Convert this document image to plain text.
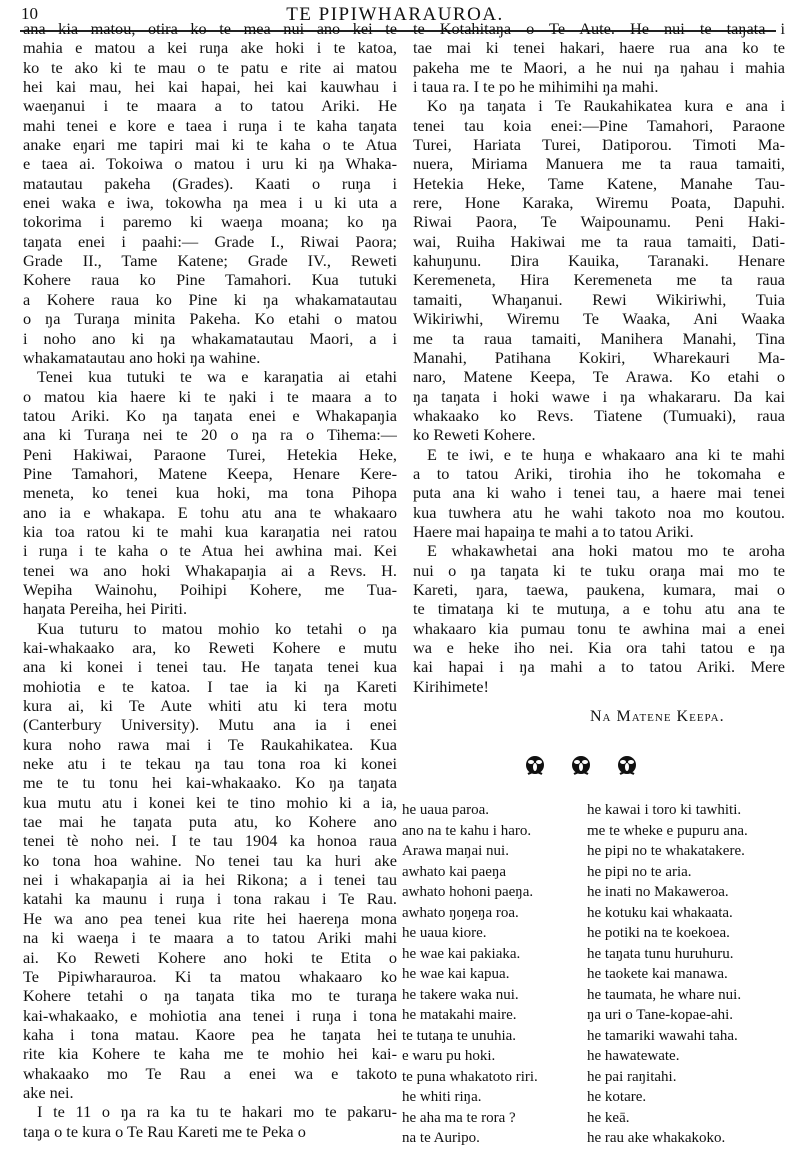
10	TE PIPIWHARAUROA.
ana kia matou, otira ko te mea nui ano kei te
mahia e matou a kei ruŋa ake hoki i te katoa,
ko te ako ki te mau o te patu e rite ai matou
hei kai mau, hei kai hapai, hei kai kauwhau i
waeŋanui i te maara a to tatou Ariki. He
mahi tenei e kore e taea i ruŋa i te kaha taŋata
anake eŋari me tapiri mai ki te kaha o te Atua
e taea ai. Tokoiwa o matou i uru ki ŋa Whaka-
matautau pakeha (Grades). Kaati o ruŋa i
enei waka e iwa, tokowha ŋa mea i u ki uta a
tokorima i paremo ki waeŋa moana; ko ŋa
taŋata enei i paahi:— Grade I., Riwai Paora;
Grade II., Tame Katene; Grade IV., Reweti
Kohere raua ko Pine Tamahori. Kua tutuki
a Kohere raua ko Pine ki ŋa whakamatautau
o ŋa Turaŋa minita Pakeha. Ko etahi o matou
i noho ano ki ŋa whakamatautau Maori, a i
whakamatautau ano hoki ŋa wahine.
Tenei kua tutuki te wa e karaŋatia ai etahi
o matou kia haere ki te ŋaki i te maara a to
tatou Ariki. Ko ŋa taŋata enei e Whakapaŋia
ana ki Turaŋa nei te 20 o ŋa ra o Tihema:—
Peni Hakiwai, Paraone Turei, Hetekia Heke,
Pine Tamahori, Matene Keepa, Henare Kere-
meneta, ko tenei kua hoki, ma tona Pihopa
ano ia e whakapa. E tohu atu ana te whakaaro
kia toa ratou ki te mahi kua karaŋatia nei ratou
i ruŋa i te kaha o te Atua hei awhina mai. Kei
tenei wa ano hoki Whakapaŋia ai a Revs. H.
Wepiha Wainohu, Poihipi Kohere, me Tua-
haŋata Pereiha, hei Piriti.
Kua tuturu to matou mohio ko tetahi o ŋa
kai-whakaako ara, ko Reweti Kohere e mutu
ana ki konei i tenei tau. He taŋata tenei kua
mohiotia e te katoa. I tae ia ki ŋa Kareti
kura ai, ki Te Aute whiti atu ki tera motu
(Canterbury University). Mutu ana ia i enei
kura noho rawa mai i Te Raukahikatea. Kua
neke atu i te tekau ŋa tau tona roa ki konei
me te tu tonu hei kai-whakaako. Ko ŋa taŋata
kua mutu atu i konei kei te tino mohio ki a ia,
tae mai he taŋata puta atu, ko Kohere ano
tenei tè noho nei. I te tau 1904 ka honoa raua
ko tona hoa wahine. No tenei tau ka huri ake
nei i whakapaŋia ai ia hei Rikona; a i tenei tau
katahi ka maunu i ruŋa i tona rakau i Te Rau.
He wa ano pea tenei kua rite hei haereŋa mona
na ki waeŋa i te maara a to tatou Ariki mahi
ai. Ko Reweti Kohere ano hoki te Etita o
Te Pipiwharauroa. Ki ta matou whakaaro ko
Kohere tetahi o ŋa taŋata tika mo te turaŋa
kai-whakaako, e mohiotia ana tenei i ruŋa i tona
kaha i tona matau. Kaore pea he taŋata hei
rite kia Kohere te kaha me te mohio hei kai-
whakaako mo Te Rau a enei wa e takoto
ake nei.
I te 11 o ŋa ra ka tu te hakari mo te pakaru-
taŋa o te kura o Te Rau Kareti me te Peka o
te Kotahitaŋa o Te Aute. He nui te taŋata i
tae mai ki tenei hakari, haere rua ana ko te
pakeha me te Maori, a he nui ŋa ŋahau i mahia
i taua ra. I te po he mihimihi ŋa mahi.
Ko ŋa taŋata i Te Raukahikatea kura e ana i
tenei tau koia enei:—Pine Tamahori, Paraone
Turei, Hariata Turei, Ŋatiporou. Timoti Ma-
nuera, Miriama Manuera me ta raua tamaiti,
Hetekia Heke, Tame Katene, Manahe Tau-
rere, Hone Karaka, Wiremu Poata, Ŋapuhi.
Riwai Paora, Te Waipounamu. Peni Haki-
wai, Ruiha Hakiwai me ta raua tamaiti, Ŋati-
kahuŋunu. Ŋira Kauika, Taranaki. Henare
Keremeneta, Hira Keremeneta me ta raua
tamaiti, Whaŋanui. Rewi Wikiriwhi, Tuia
Wikiriwhi, Wiremu Te Waaka, Ani Waaka
me ta raua tamaiti, Manihera Manahi, Tina
Manahi, Patihana Kokiri, Wharekauri Ma-
naro, Matene Keepa, Te Arawa. Ko etahi o
ŋa taŋata i hoki wawe i ŋa whakararu. Ŋa kai
whakaako ko Revs. Tiatene (Tumuaki), raua
ko Reweti Kohere.
E te iwi, e te huŋa e whakaaro ana ki te mahi
a to tatou Ariki, tirohia iho he tokomaha e
puta ana ki waho i tenei tau, a haere mai tenei
kua tuwhera atu he wahi takoto noa mo koutou.
Haere mai hapaiŋa te mahi a to tatou Ariki.
E whakawhetai ana hoki matou mo te aroha
nui o ŋa taŋata ki te tuku oraŋa mai mo te
Kareti, ŋara, taewa, paukena, kumara, mai o
te timataŋa ki te mutuŋa, a e tohu atu ana te
whakaaro kia pumau tonu te awhina mai a enei
wa e heke iho nei. Kia ora tahi tatou e ŋa
kai hapai i ŋa mahi a to tatou Ariki. Mere
Kirihimete!
Na Matene Keepa.
he uaua paroa.
ano na te kahu i haro.
Arawa maŋai nui.
awhato kai paeŋa
awhato hohoni paeŋa.
awhato ŋoŋeŋa roa.
he uaua kiore.
he wae kai pakiaka.
he wae kai kapua.
he takere waka nui.
he matakahi maire.
te tutaŋa te unuhia.
e waru pu hoki.
te puna whakatoto riri.
he whiti riŋa.
he aha ma te rora ?
na te Auripo.
he kawai i toro ki tawhiti.
me te wheke e pupuru ana.
he pipi no te whakatakere.
he pipi no te aria.
he inati no Makaweroa.
he kotuku kai whakaata.
he potiki na te koekoea.
he taŋata tunu huruhuru.
he taokete kai manawa.
he taumata, he whare nui.
ŋa uri o Tane-kopae-ahi.
he tamariki wawahi taha.
he hawatewate.
he pai raŋitahi.
he kotare.
he keā.
he rau ake whakakoko.
